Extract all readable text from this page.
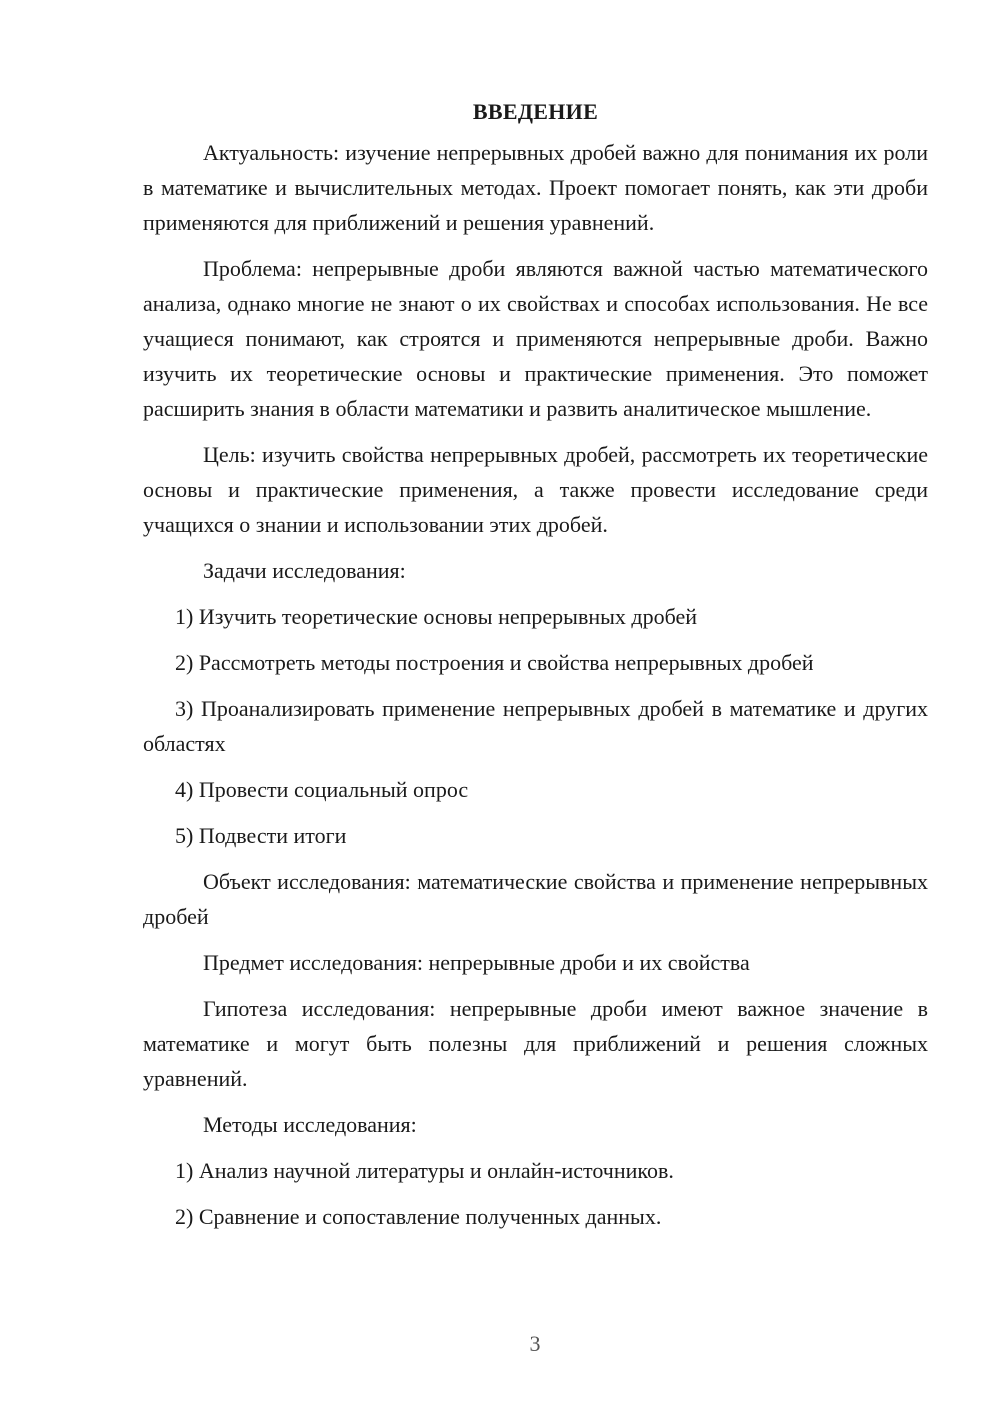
ВВЕДЕНИЕ

Актуальность: изучение непрерывных дробей важно для понимания их роли в математике и вычислительных методах. Проект помогает понять, как эти дроби применяются для приближений и решения уравнений.

Проблема: непрерывные дроби являются важной частью математического анализа, однако многие не знают о их свойствах и способах использования. Не все учащиеся понимают, как строятся и применяются непрерывные дроби. Важно изучить их теоретические основы и практические применения. Это поможет расширить знания в области математики и развить аналитическое мышление.

Цель: изучить свойства непрерывных дробей, рассмотреть их теоретические основы и практические применения, а также провести исследование среди учащихся о знании и использовании этих дробей.

Задачи исследования:

1) Изучить теоретические основы непрерывных дробей

2) Рассмотреть методы построения и свойства непрерывных дробей

3) Проанализировать применение непрерывных дробей в математике и других областях

4) Провести социальный опрос

5) Подвести итоги

Объект исследования: математические свойства и применение непрерывных дробей

Предмет исследования: непрерывные дроби и их свойства

Гипотеза исследования: непрерывные дроби имеют важное значение в математике и могут быть полезны для приближений и решения сложных уравнений.

Методы исследования:

1) Анализ научной литературы и онлайн-источников.

2) Сравнение и сопоставление полученных данных.

3
